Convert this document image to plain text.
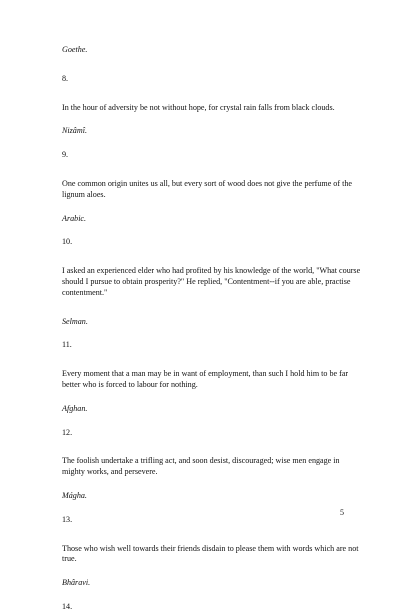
Goethe.

8.

In the hour of adversity be not without hope, for crystal rain falls from black clouds.

Nizâmî.

9.

One common origin unites us all, but every sort of wood does not give the perfume of the lignum aloes.

Arabic.

10.

I asked an experienced elder who had profited by his knowledge of the world, "What course should I pursue to obtain prosperity?" He replied, "Contentment--if you are able, practise contentment."

Selman.

11.

Every moment that a man may be in want of employment, than such I hold him to be far better who is forced to labour for nothing.

Afghan.

12.

The foolish undertake a trifling act, and soon desist, discouraged; wise men engage in mighty works, and persevere.

Mágha.

13.

Those who wish well towards their friends disdain to please them with words which are not true.

Bhâravi.

14.

5
